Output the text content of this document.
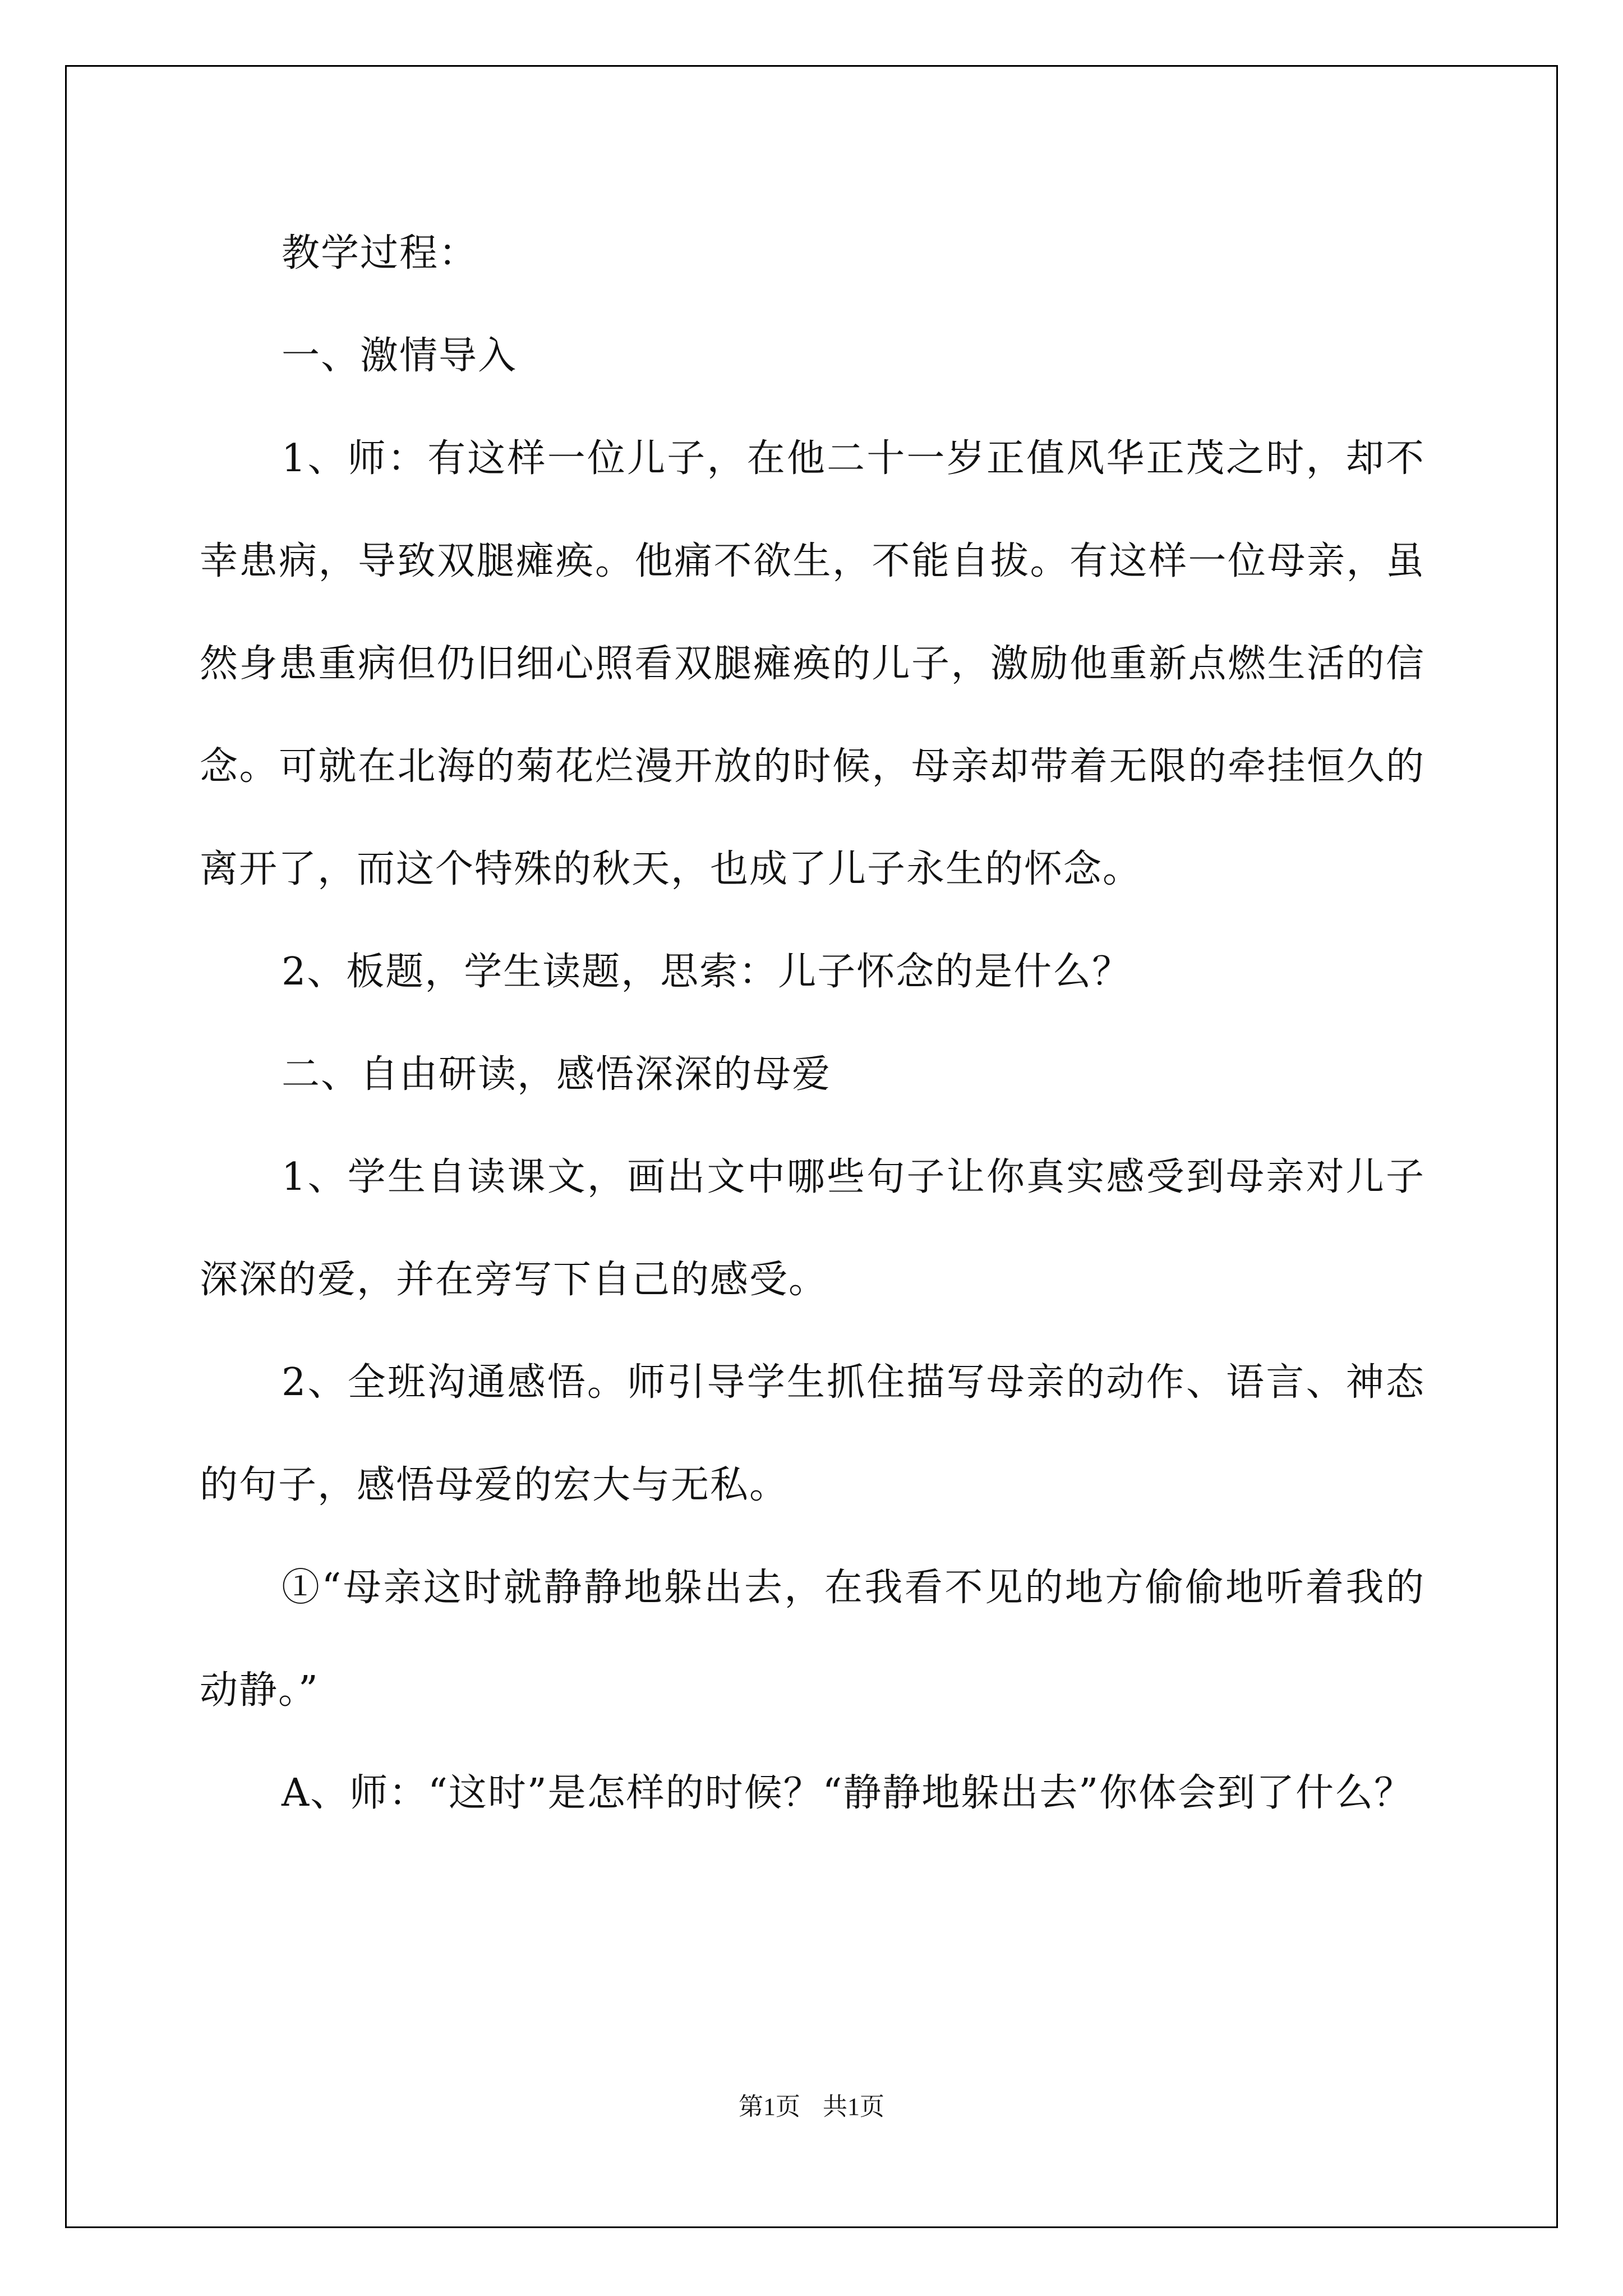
教学过程：

一、激情导入

1、师：有这样一位儿子，在他二十一岁正值风华正茂之时，却不幸患病，导致双腿瘫痪。他痛不欲生，不能自拔。有这样一位母亲，虽然身患重病但仍旧细心照看双腿瘫痪的儿子，激励他重新点燃生活的信念。可就在北海的菊花烂漫开放的时候，母亲却带着无限的牵挂恒久的离开了，而这个特殊的秋天，也成了儿子永生的怀念。

2、板题，学生读题，思索：儿子怀念的是什么？

二、自由研读，感悟深深的母爱

1、学生自读课文，画出文中哪些句子让你真实感受到母亲对儿子深深的爱，并在旁写下自己的感受。

2、全班沟通感悟。师引导学生抓住描写母亲的动作、语言、神态的句子，感悟母爱的宏大与无私。

①“母亲这时就静静地躲出去，在我看不见的地方偷偷地听着我的动静。”

A、师：“这时”是怎样的时候？“静静地躲出去”你体会到了什么？

第1页 共1页
